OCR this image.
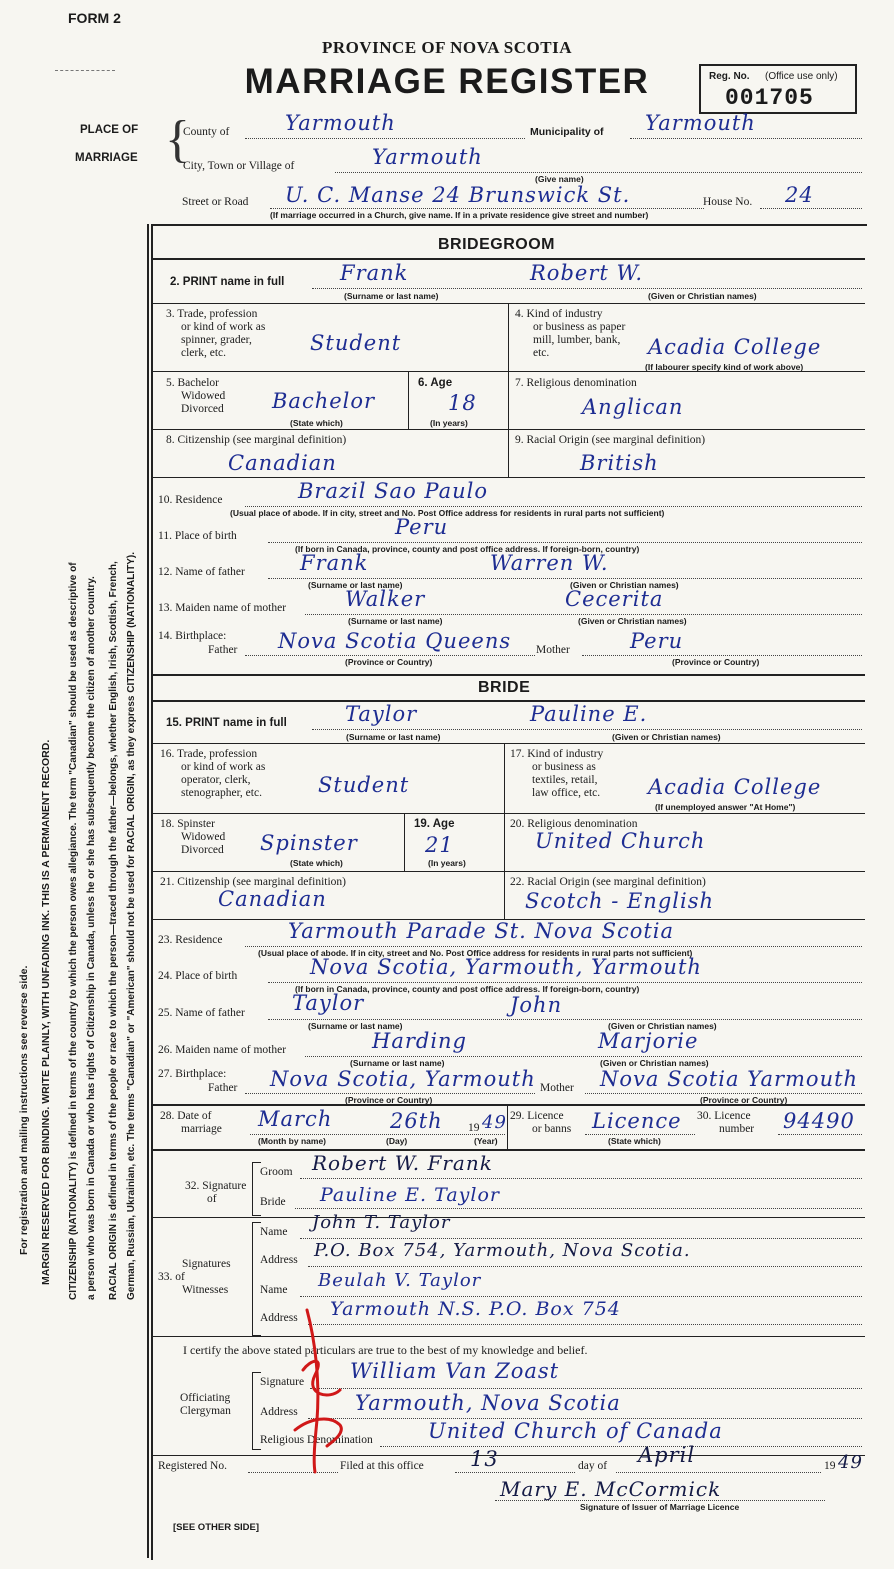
FORM 2
PROVINCE OF NOVA SCOTIA
MARRIAGE REGISTER	Reg. No. (Office use only)
001705
PLACE OF
MARRIAGE {
County of	Yarmouth	Municipality of Yarmouth
City, Town or Village of	Yarmouth
(Give name)
Street or Road U. C. Manse 24 Brunswick St.	House No. 24
(If marriage occurred in a Church, give name. If in a private residence give street and number)
For registration and mailing instructions see reverse side. MARGIN RESERVED FOR BINDING. WRITE PLAINLY, WITH UNFADING INK. THIS IS A PERMANENT RECORD. CITIZENSHIP (NATIONALITY) is defined in terms of the country to which the person owes allegiance. The term "Canadian" should be used as descriptive of a person who was born in Canada or who has rights of Citizenship in Canada, unless he or she has subsequently become the citizen of another country. RACIAL ORIGIN is defined in terms of the people or race to which the person—traced through the father—belongs, whether English, Irish, Scottish, French, German, Russian, Ukrainian, etc. The terms "Canadian" or "American" should not be used for RACIAL ORIGIN, as they express CITIZENSHIP (NATIONALITY).
BRIDEGROOM
2. PRINT name in full	Frank	Robert W.
(Surname or last name)	(Given or Christian names)
3. Trade, profession
or kind of work as
spinner, grader,
clerk, etc.	Student
4. Kind of industry
or business as paper
mill, lumber, bank,
etc.	Acadia College
(If labourer specify kind of work above)
5. Bachelor
Widowed
Divorced Bachelor
(State which)
6. Age
18
(In years)
7. Religious denomination
Anglican
8. Citizenship (see marginal definition)
Canadian
9. Racial Origin (see marginal definition)
British
10. Residence	Brazil Sao Paulo
(Usual place of abode. If in city, street and No. Post Office address for residents in rural parts not sufficient)
11. Place of birth	Peru
(If born in Canada, province, county and post office address. If foreign-born, country)
12. Name of father	Frank	Warren W.
(Surname or last name)	(Given or Christian names)
13. Maiden name of mother	Walker	Cecerita
(Surname or last name)	(Given or Christian names)
14. Birthplace:
Father Nova Scotia Queens Mother	Peru
(Province or Country)	(Province or Country)
BRIDE
15. PRINT name in full	Taylor	Pauline E.
(Surname or last name)	(Given or Christian names)
16. Trade, profession
or kind of work as
operator, clerk,
stenographer, etc.	Student
17. Kind of industry
or business as
textiles, retail,
law office, etc. Acadia College
(If unemployed answer "At Home")
18. Spinster
Widowed
Divorced Spinster
(State which)
19. Age
21
(In years)
20. Religious denomination
United Church
21. Citizenship (see marginal definition)
Canadian
22. Racial Origin (see marginal definition)
Scotch - English
23. Residence	Yarmouth Parade St. Nova Scotia
(Usual place of abode. If in city, street and No. Post Office address for residents in rural parts not sufficient)
24. Place of birth	Nova Scotia, Yarmouth, Yarmouth
(If born in Canada, province, county and post office address. If foreign-born, country)
25. Name of father Taylor	John
(Surname or last name)	(Given or Christian names)
26. Maiden name of mother	Harding	Marjorie
(Surname or last name)	(Given or Christian names)
27. Birthplace:
Father Nova Scotia, Yarmouth Mother Nova Scotia Yarmouth
(Province or Country)	(Province or Country)
28. Date of
marriage March	26th 19 49
(Month by name)	(Day)	(Year)
29. Licence
or banns Licence
(State which)
30. Licence
number 94490
32. Signature
of
Groom Robert W. Frank
Bride Pauline E. Taylor
Signatures
33. of
Witnesses
Name John T. Taylor
Address P.O. Box 754, Yarmouth, Nova Scotia.
Name Beulah V. Taylor
Address Yarmouth N.S. P.O. Box 754
I certify the above stated particulars are true to the best of my knowledge and belief.
Officiating
Clergyman
Signature William Van Zoast
Address	Yarmouth, Nova Scotia
Religious Denomination	United Church of Canada
Registered No.	Filed at this office 13	day of April	19 49
Mary E. McCormick
Signature of Issuer of Marriage Licence
[SEE OTHER SIDE]
